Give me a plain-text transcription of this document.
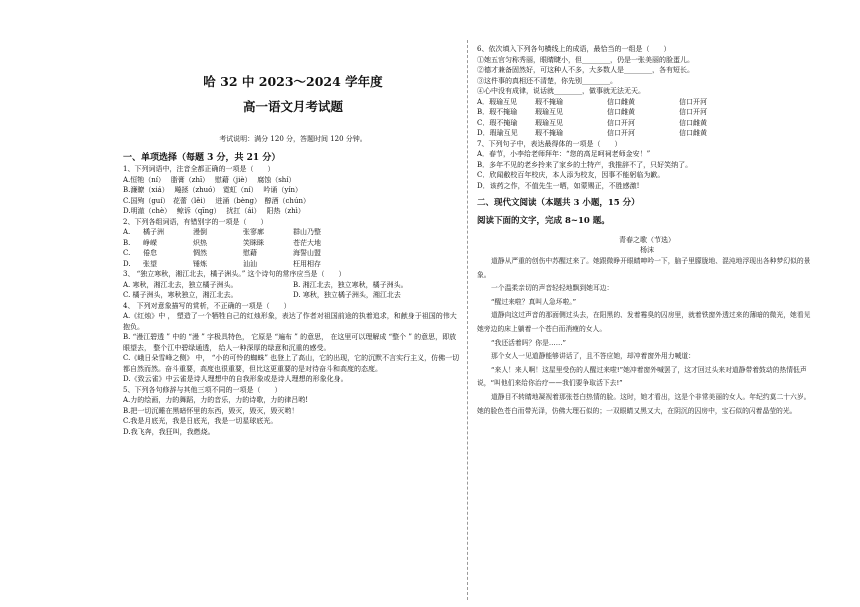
哈 32 中 2023～2024 学年度
高一语文月考试题
考试说明：满分 120 分，答题时间 120 分钟。
一、单项选择（每题 3 分，共 21 分）
1、下列词语中，注音全都正确的一项是（　　）
A.恒牠（ní）　 脂膏（zhī）　 慰藉（jiè）　 腐蚀（shí）
B.濂瞭（xiá）　 飚拯（zhuó）　霓虹（ní）　 吟诵（yín）
C.国殉（guí）　花蕾（lěi）　 迸涌（bèng）　醇酒（chún）
D.明澈（chè）　 鲸诉（qīng）　 扰扛（ái）　 阳热（zhì）
2、下列各组词语，有错别字的一项是（　　）
A.	橘子洲	漫倒	张寥廓	群山乃整
B.	峥嵘	炽热	笑眯眯	苍茫大地
C.	倦怠	惆然	慰藉	海誓山盟
D.	张望	锤炼	汕汕	枉用相存
3、 “独立寒秋，湘江北去，橘子洲头。” 这个诗句的常序应当是（　　）
A. 寒秋，湘江北去，独立橘子洲头。	B. 湘江北去，独立寒秋，橘子洲头。
C. 橘子洲头，寒秋独立，湘江北去。	D. 寒秋，独立橘子洲头，湘江北去
4、 下列对意象描写的赏析，不正确的一项是（　　）
A.《红烛》中 ， 塑造了一个牺牲自己的红烛形象，表达了作者对祖国前途的执着追求，和献身于祖国的伟大抱负。
B. “漫江碧透 ” 中的 “漫 ” 字极具特色， 它原是 “遍布 ” 的意思， 在这里可以理解成 “整个 ” 的意思，即放眼望去， 整个江中碧绿通透， 给人一种深厚的绿意和沉重的感受。
C.《峨日朵雪峰之侧》 中， “小的可怜的蜘蛛” 也登上了高山，它的出现，它的沉默不言实行主义，仿佛一切都自然而然。奋斗重要，高度也很重要，但比这更重要的是对待奋斗和高度的态度。
D.《致云雀》中云雀是诗人理想中的自我形象或是诗人理想的形象化身。
5、下列各句修辞与其他三项不同的一项是（　　）
A.力的绘画，力的舞蹈，力的音乐，力的诗歌，力的律吕哟!
B.把一切沉睡在黑暗怀里的东西，毁灭，毁灭，毁灭哟！
C.我是月底光，我是日底光，我是一切星球底光。
D.我飞奔，我狂叫，我燃烧。
6、依次填入下列各句横线上的成语，最恰当的一组是（　　）
①她五官匀称秀丽，眼睛睫小，但________，仍是一张美丽的脸蛋儿。
②德才兼备固然好，可这种人不多，大多数人是________，各有短长。
③这件事的真相还不清楚，你先别________。
④心中没有成律，说话就________，做事就无法无天。
A．瑕瑜互见	瑕不掩瑜	信口雌黄	信口开河
B．瑕不掩瑜	瑕瑜互见	信口雌黄	信口开河
C．瑕不掩瑜	瑕瑜互见	信口开河	信口雌黄
D．瑕瑜互见	瑕不掩瑜	信口开河	信口雌黄
7、下列句子中，表达最得体的一项是（　　）
A．春节，小李给老师拜年：“您的高足呵祠老师金安！”
B．多年不见的老乡拎来了家乡的土特产，我推辞不了，只好笑纳了。
C．欣闻敝校百年校庆，本人添为校友，因事不能躬临为歉。
D．该药之作，不值先生一晒，如蒙赐正，不胜感激!
二、现代文阅读（本题共 3 小题，15 分）
阅读下面的文字，完成 8~10 题。
青春之歌（节选）
杨沫

道静从严重的创伤中苏醒过来了。她跟微睁开眼睛呻吟一下，脑子里朦胧地、混沌地浮现出各种梦幻似的景象。

一个温柔亲切的声音轻轻地飘到她耳边：

“醒过来啦？真叫人急坏啦。”

道静向这过声音的那面侧过头去，在阳黑的、发着霉臭的囚房里，就着铁窗外透过来的薄暗的微光，她看见她旁边的床上躺着一个苍白而消瘦的女人。

“我还活着吗？你是……”

那个女人一见道静能够讲话了，且不答应她，却冲着窗外用力喊道：

“来人！来人啊！这屋里受伤的人醒过来啦!”她冲着窗外喊罢了，这才回过头来对道静带着鼓动的热情低声说，“叫他们来给你治疗——我们要争取活下去!”

道静目不转睛地凝视着那张苍白热情的脸。这时，她才看出，这是个非常美丽的女人。年纪约莫二十六岁。她的脸色苍白而带光泽，仿佛大理石似的；一双眼睛又黑又大，在阴沉的囚房中，宝石似的闪着晶莹的光。
